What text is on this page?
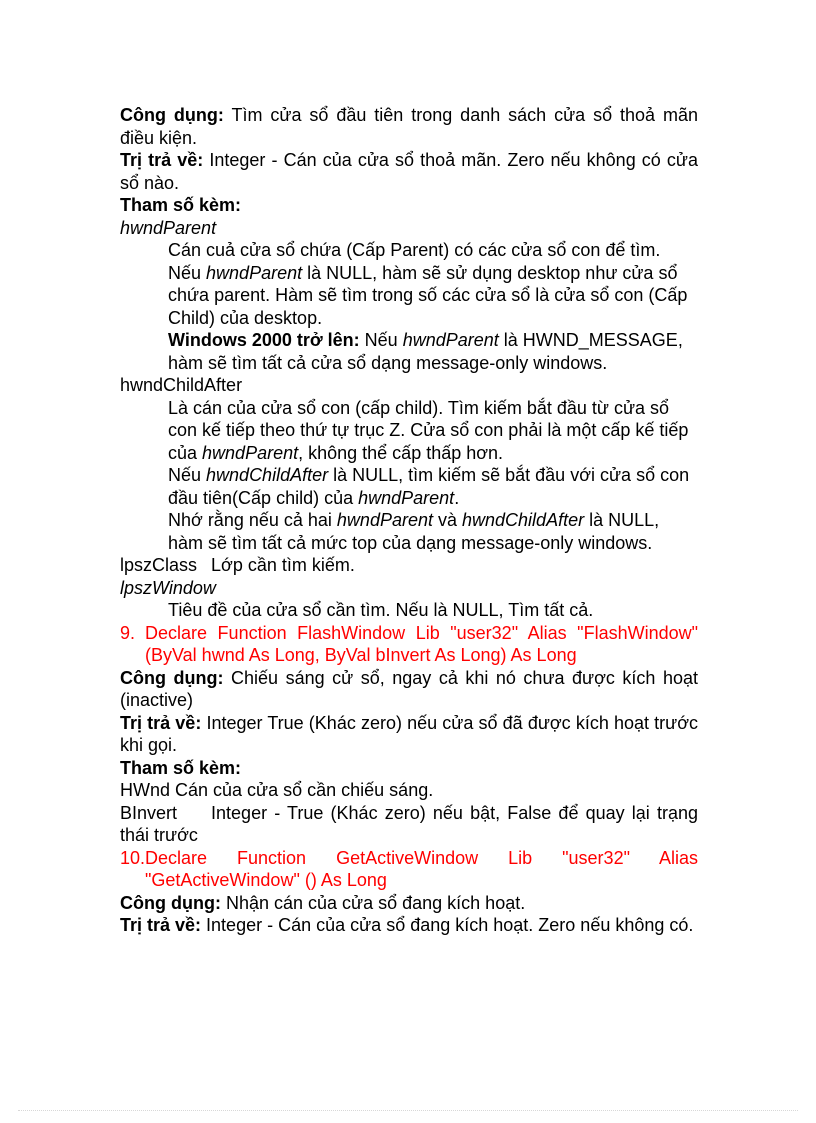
Công dụng: Tìm cửa sổ đầu tiên trong danh sách cửa sổ thoả mãn điều kiện.

Trị trả về: Integer - Cán của cửa sổ thoả mãn. Zero nếu không có cửa sổ nào.

Tham số kèm:

hwndParent

Cán cuả cửa sổ chứa (Cấp Parent) có các cửa sổ con để tìm.

Nếu hwndParent là NULL, hàm sẽ sử dụng desktop như cửa sổ chứa parent. Hàm sẽ tìm trong số các cửa sổ là cửa sổ con (Cấp Child) của desktop.

Windows 2000 trở lên: Nếu hwndParent là HWND_MESSAGE, hàm sẽ tìm tất cả cửa sổ dạng message-only windows.

hwndChildAfter

Là cán của cửa sổ con (cấp child). Tìm kiếm bắt đầu từ cửa sổ con kế tiếp theo thứ tự trục Z. Cửa sổ con phải là một cấp kế tiếp của hwndParent, không thể cấp thấp hơn.

Nếu hwndChildAfter là NULL, tìm kiếm sẽ bắt đầu với cửa sổ con đầu tiên(Cấp child) của hwndParent.

Nhớ rằng nếu cả hai hwndParent và hwndChildAfter là NULL, hàm sẽ tìm tất cả mức top của dạng message-only windows.

lpszClass Lớp cần tìm kiếm.

lpszWindow

Tiêu đề của cửa sổ cần tìm. Nếu là NULL, Tìm tất cả.

9. Declare Function FlashWindow Lib "user32" Alias "FlashWindow" (ByVal hwnd As Long, ByVal bInvert As Long) As Long

Công dụng: Chiếu sáng cử sổ, ngay cả khi nó chưa được kích hoạt (inactive)

Trị trả về: Integer True (Khác zero) nếu cửa sổ đã được kích hoạt trước khi gọi.

Tham số kèm:

HWnd Cán của cửa sổ cần chiếu sáng.

BInvert Integer - True (Khác zero) nếu bật, False để quay lại trạng thái trước

10.Declare Function GetActiveWindow Lib "user32" Alias "GetActiveWindow" () As Long

Công dụng: Nhận cán của cửa sổ đang kích hoạt.

Trị trả về: Integer - Cán của cửa sổ đang kích hoạt. Zero nếu không có.
